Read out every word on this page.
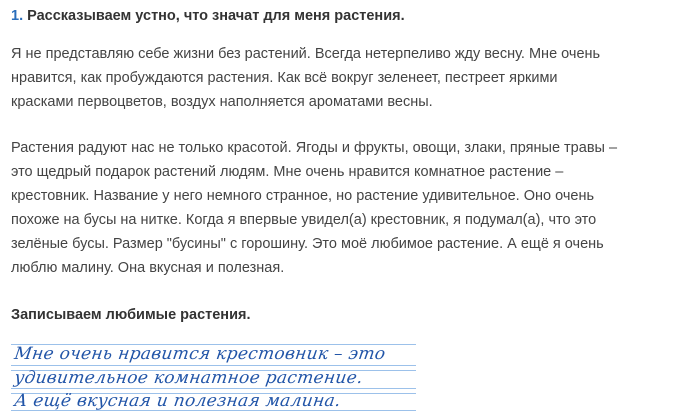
1. Рассказываем устно, что значат для меня растения.
Я не представляю себе жизни без растений. Всегда нетерпеливо жду весну. Мне очень
нравится, как пробуждаются растения. Как всё вокруг зеленеет, пестреет яркими
красками первоцветов, воздух наполняется ароматами весны.
Растения радуют нас не только красотой. Ягоды и фрукты, овощи, злаки, пряные травы –
это щедрый подарок растений людям. Мне очень нравится комнатное растение –
крестовник. Название у него немного странное, но растение удивительное. Оно очень
похоже на бусы на нитке. Когда я впервые увидел(а) крестовник, я подумал(а), что это
зелёные бусы. Размер "бусины" с горошину. Это моё любимое растение. А ещё я очень
люблю малину. Она вкусная и полезная.
Записываем любимые растения.
Мне очень нравится крестовник – это
удивительное комнатное растение.
А ещё вкусная и полезная малина.
